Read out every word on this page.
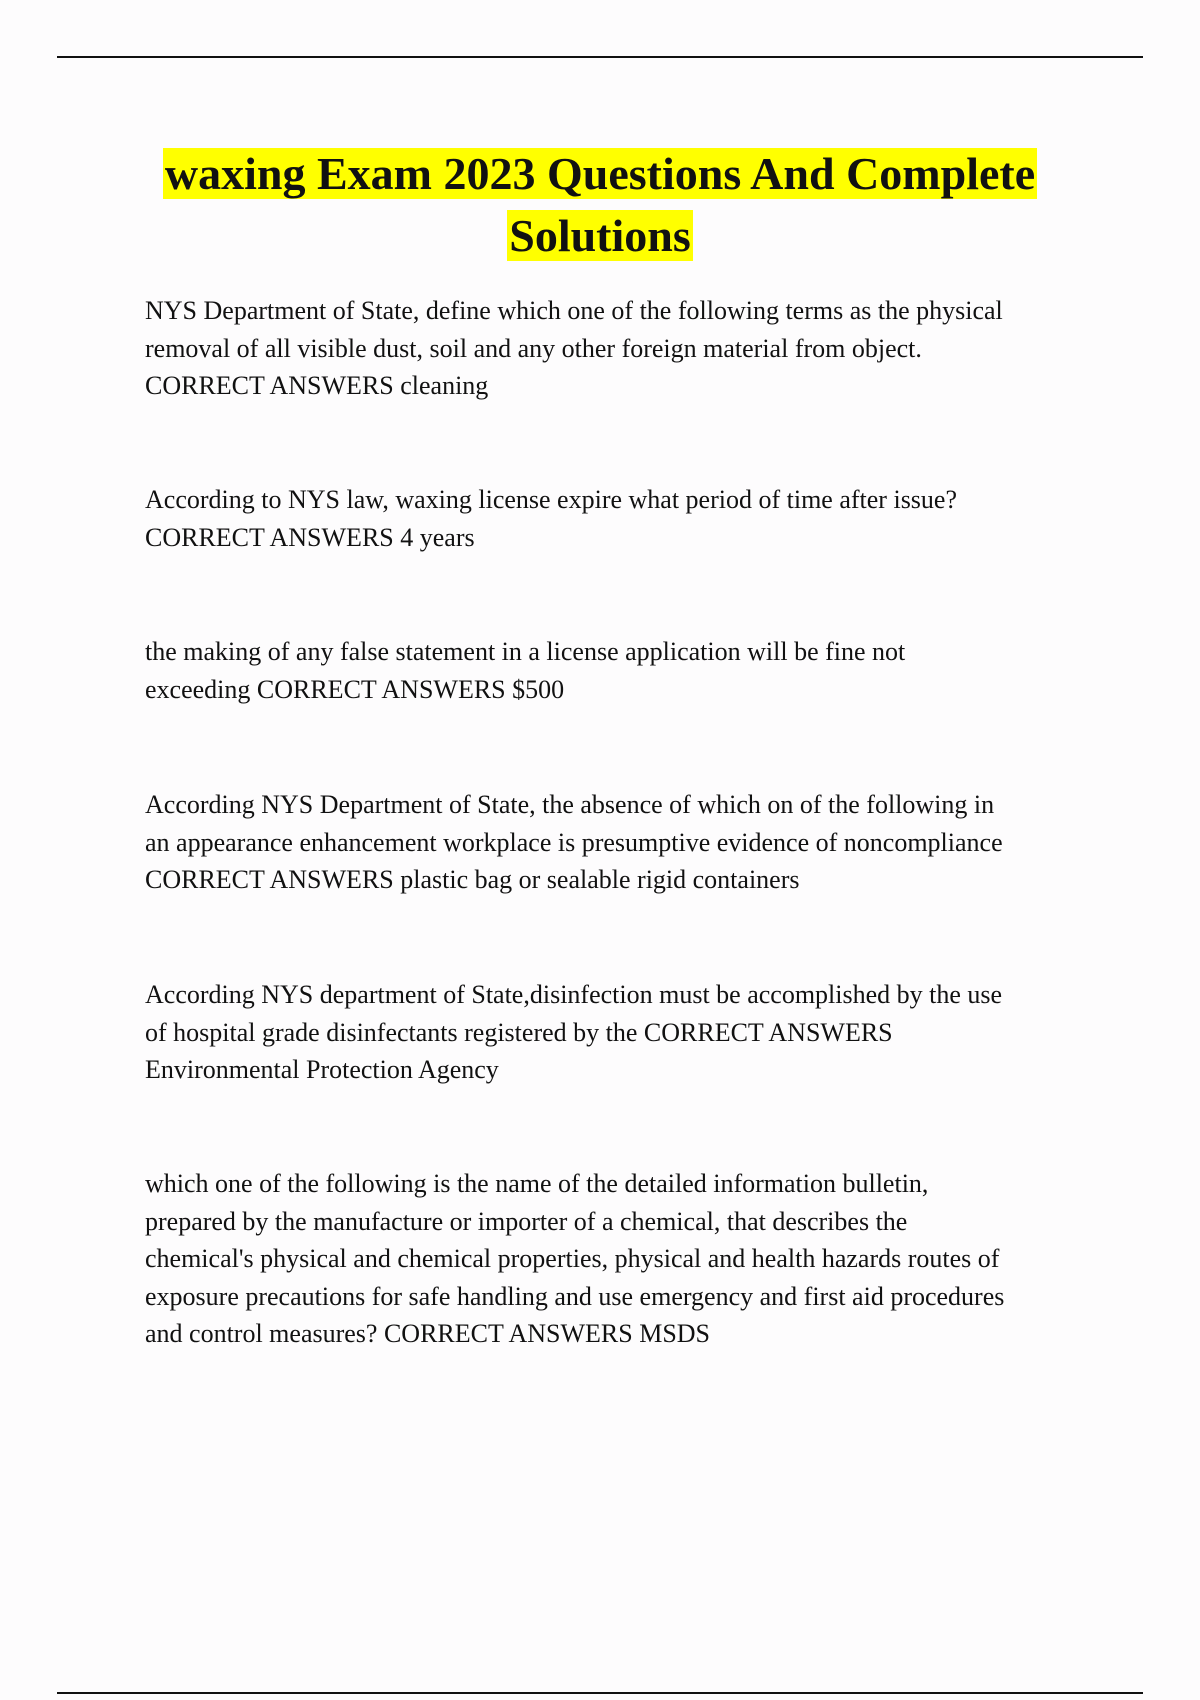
waxing Exam 2023 Questions And Complete
Solutions
NYS Department of State, define which one of the following terms as the physical
removal of all visible dust, soil and any other foreign material from object.
CORRECT ANSWERS cleaning
According to NYS law, waxing license expire what period of time after issue?
CORRECT ANSWERS 4 years
the making of any false statement in a license application will be fine not
exceeding CORRECT ANSWERS $500
According NYS Department of State, the absence of which on of the following in
an appearance enhancement workplace is presumptive evidence of noncompliance
CORRECT ANSWERS plastic bag or sealable rigid containers
According NYS department of State,disinfection must be accomplished by the use
of hospital grade disinfectants registered by the CORRECT ANSWERS
Environmental Protection Agency
which one of the following is the name of the detailed information bulletin,
prepared by the manufacture or importer of a chemical, that describes the
chemical's physical and chemical properties, physical and health hazards routes of
exposure precautions for safe handling and use emergency and first aid procedures
and control measures? CORRECT ANSWERS MSDS
